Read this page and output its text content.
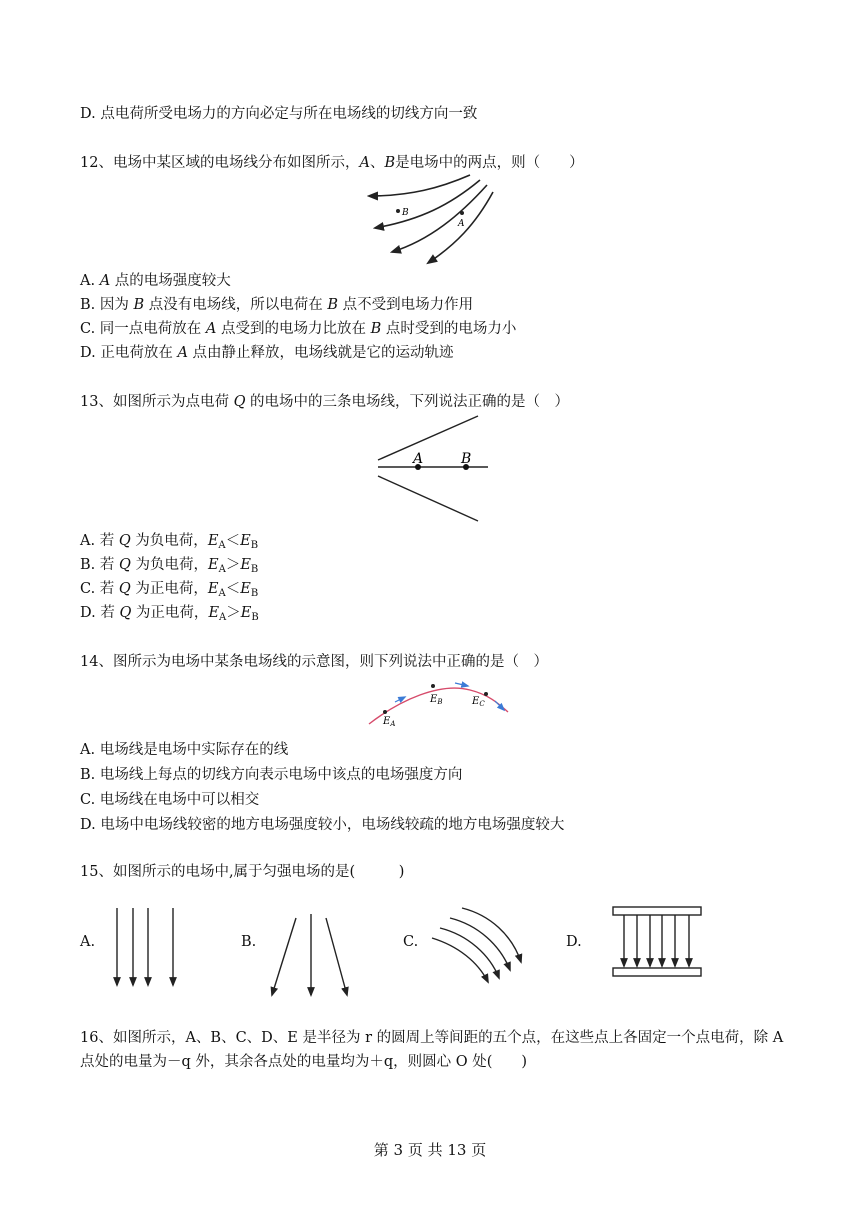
D. 点电荷所受电场力的方向必定与所在电场线的切线方向一致
12、电场中某区域的电场线分布如图所示，A、B是电场中的两点，则（　　）
B
A
A	B
$E_A$
$E_B$	$E_C$
A. A 点的电场强度较大
B. 因为 B 点没有电场线，所以电荷在 B 点不受到电场力作用
C. 同一点电荷放在 A 点受到的电场力比放在 B 点时受到的电场力小
D. 正电荷放在 A 点由静止释放，电场线就是它的运动轨迹
13、如图所示为点电荷 Q 的电场中的三条电场线，下列说法正确的是（　）
A. 若 Q 为负电荷，$E_A<E_B$
B. 若 Q 为负电荷，$E_A>E_B$
C. 若 Q 为正电荷，$E_A<E_B$
D. 若 Q 为正电荷，$E_A>E_B$
14、图所示为电场中某条电场线的示意图，则下列说法中正确的是（　）
A. 电场线是电场中实际存在的线
B. 电场线上每点的切线方向表示电场中该点的电场强度方向
C. 电场线在电场中可以相交
D. 电场中电场线较密的地方电场强度较小，电场线较疏的地方电场强度较大
15、如图所示的电场中,属于匀强电场的是(　　　)
A.	B.	C.	D.
16、如图所示，A、B、C、D、E 是半径为 r 的圆周上等间距的五个点，在这些点上各固定一个点电荷，除 A 点处的电量为－q 外，其余各点处的电量均为＋q，则圆心 O 处(　　)
第 3 页 共 13 页
